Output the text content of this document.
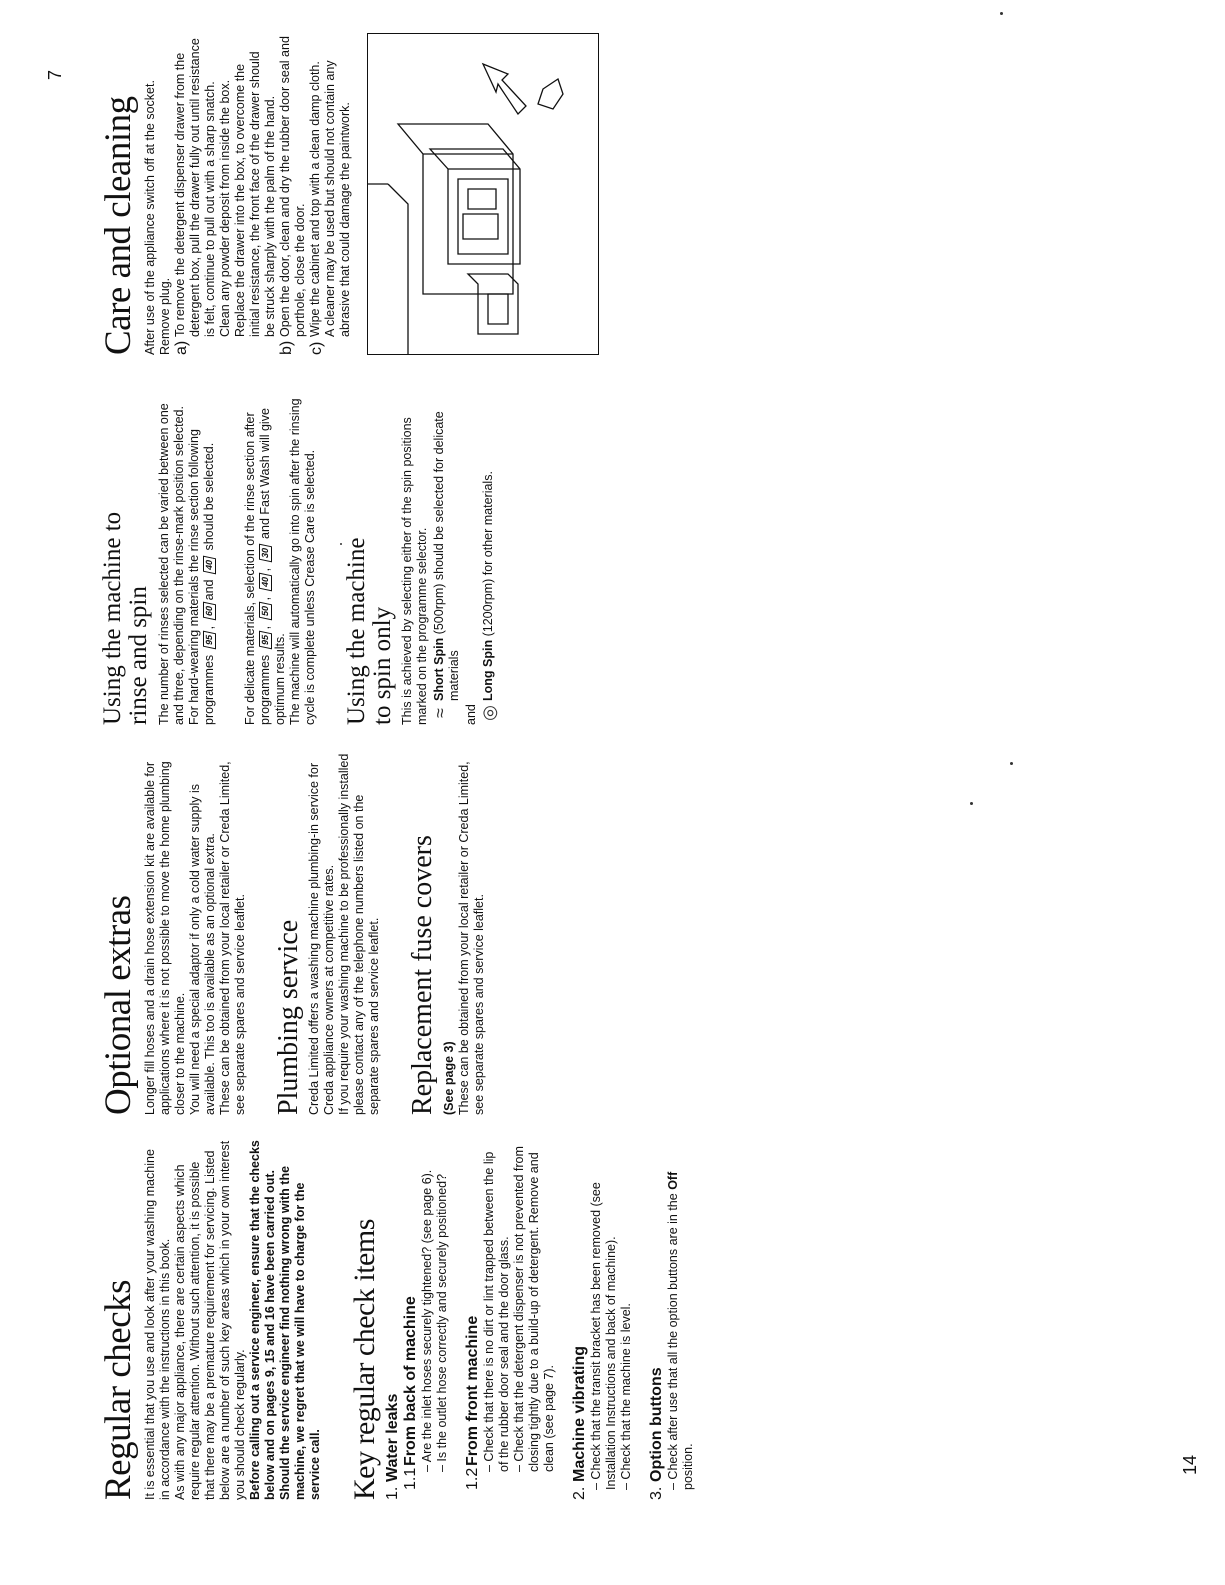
Regular checks It is essential that you use and look after your washing machine in accordance with the instructions in this book. As with any major appliance, there are certain aspects which require regular attention. Without such attention, it is possible that there may be a premature requirement for servicing. Listed below are a number of such key areas which in your own interest you should check regularly. Before calling out a service engineer, ensure that the checks below and on pages 9, 15 and 16 have been carried out. Should the service engineer find nothing wrong with the machine, we regret that we will have to charge for the service call. Key regular check items 1.
Water leaks 1.1
From back of machine – Are the inlet hoses securely tightened? (see page 6). – Is the outlet hose correctly and securely positioned?

1.2
From front machine – Check that there is no dirt or lint trapped between the lip of the rubber door seal and the door glass. – Check that the detergent dispenser is not prevented from closing tightly due to a build-up of detergent. Remove and clean (see page 7).

2.
Machine vibrating – Check that the transit bracket has been removed (see Installation Instructions and back of machine). – Check that the machine is level.

3.
Option buttons – Check after use that all the option buttons are in the Off position.

Optional extras Longer fill hoses and a drain hose extension kit are available for applications where it is not possible to move the home plumbing closer to the machine. You will need a special adaptor if only a cold water supply is available. This too is available as an optional extra. These can be obtained from your local retailer or Creda Limited, see separate spares and service leaflet. Plumbing service Creda Limited offers a washing machine plumbing-in service for Creda appliance owners at competitive rates. If you require your washing machine to be professionally installed please contact any of the telephone numbers listed on the separate spares and service leaflet. Replacement fuse covers (See page 3) These can be obtained from your local retailer or Creda Limited, see separate spares and service leaflet.

Using the machine to
rinse and spin The number of rinses selected can be varied between one and three, depending on the rinse-mark position selected. For hard-wearing materials the rinse section following programmes 95, 60and 40 should be selected. For delicate materials, selection of the rinse section after programmes 95, 50, 40, 30 and Fast Wash will give optimum results. The machine will automatically go into spin after the rinsing cycle is complete unless Crease Care is selected. Using the machine
to spin only This is achieved by selecting either of the spin positions marked on the programme selector. ≈

Short Spin (500rpm) should be selected for delicate materials

and ◎

Long Spin (1200rpm) for other materials.

Care and cleaning After use of the appliance switch off at the socket. Remove plug. a)

To remove the detergent dispenser drawer from the detergent box, pull the drawer fully out until resistance is felt, continue to pull out with a sharp snatch. Clean any powder deposit from inside the box. Replace the drawer into the box, to overcome the initial resistance, the front face of the drawer should be struck sharply with the palm of the hand.

b)

Open the door, clean and dry the rubber door seal and porthole, close the door.

c)

Wipe the cabinet and top with a clean damp cloth. A cleaner may be used but should not contain any abrasive that could damage the paintwork.

14
7
